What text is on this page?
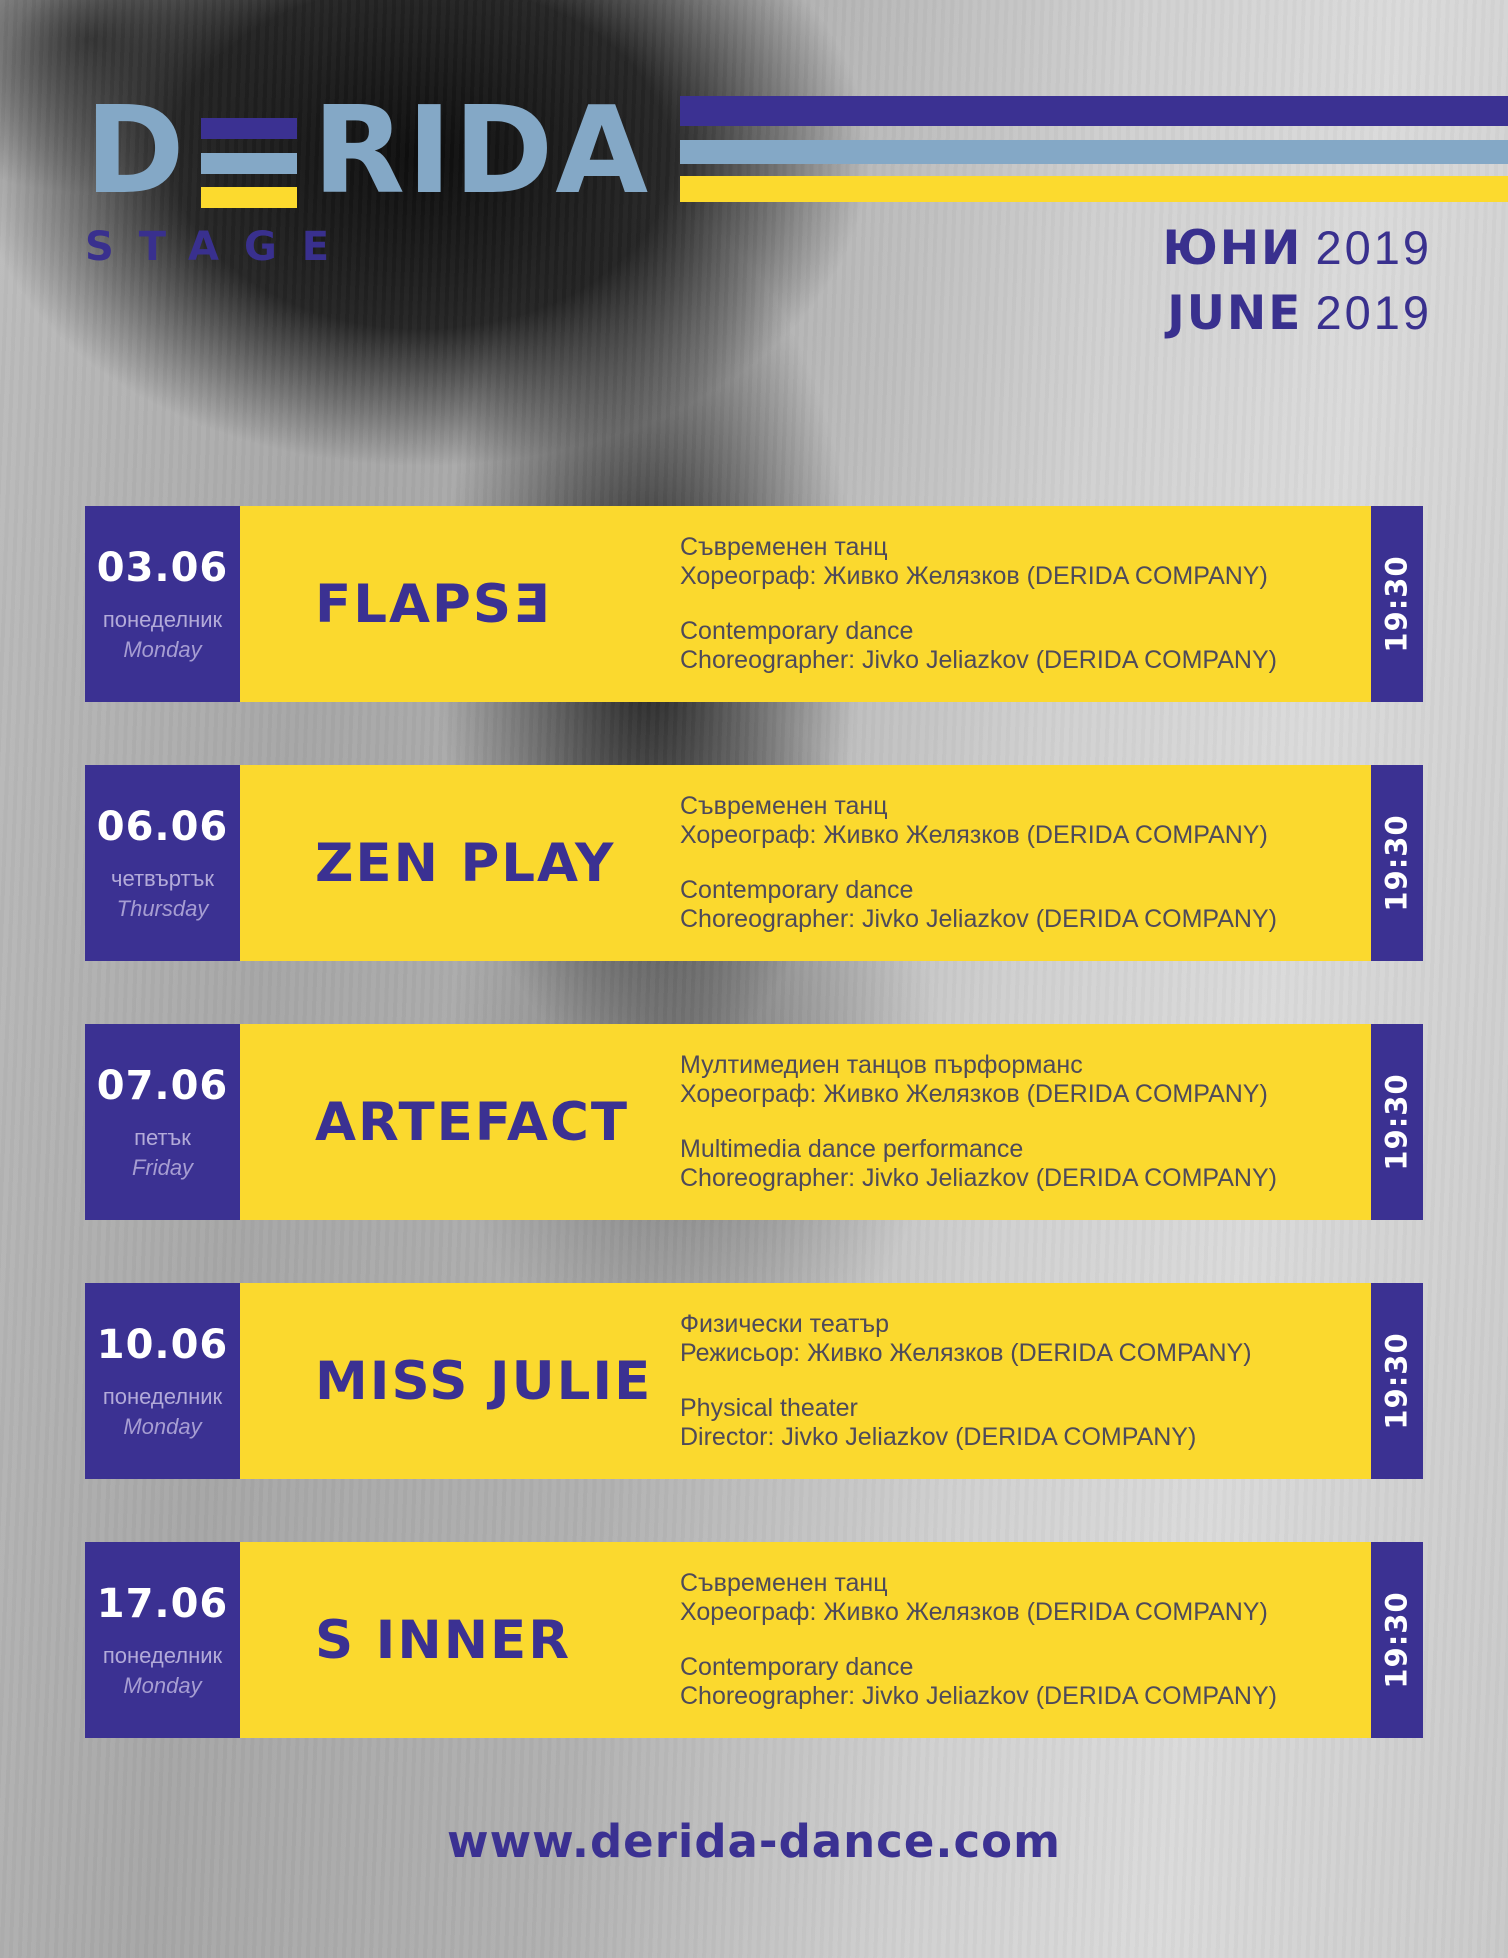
D RIDA
STAGE	ЮНИ 2019
JUNE 2019
03.06
понеделник
Monday
FLAPSƎ

Съвременен танц

Хореограф: Живко Желязков (DERIDA COMPANY)

Contemporary dance

Choreographer: Jivko Jeliazkov (DERIDA COMPANY)

19:30
06.06
четвъртък
Thursday
ZEN PLAY

Съвременен танц

Хореограф: Живко Желязков (DERIDA COMPANY)

Contemporary dance

Choreographer: Jivko Jeliazkov (DERIDA COMPANY)

19:30
07.06
петък
Friday
ARTEFACT

Мултимедиен танцов пърформанс

Хореограф: Живко Желязков (DERIDA COMPANY)

Multimedia dance performance

Choreographer: Jivko Jeliazkov (DERIDA COMPANY)

19:30
10.06
понеделник
Monday
MISS JULIE

Физически театър

Режисьор: Живко Желязков (DERIDA COMPANY)

Physical theater

Director: Jivko Jeliazkov (DERIDA COMPANY)

19:30
17.06
понеделник
Monday
S INNER

Съвременен танц

Хореограф: Живко Желязков (DERIDA COMPANY)

Contemporary dance

Choreographer: Jivko Jeliazkov (DERIDA COMPANY)

19:30
www.derida-dance.com
